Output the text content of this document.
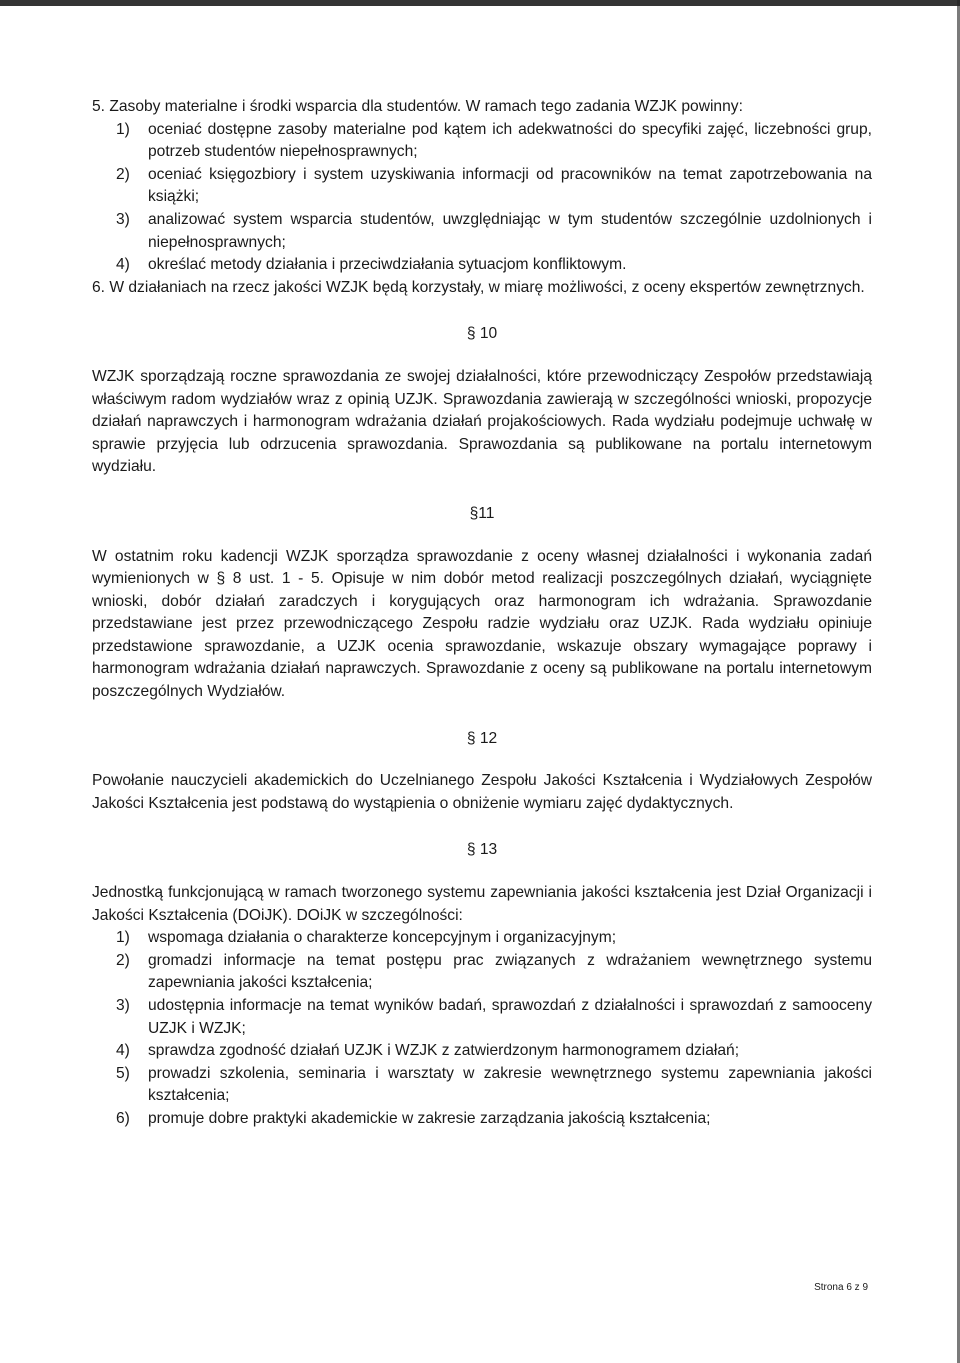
5. Zasoby materialne i środki wsparcia dla studentów. W ramach tego zadania WZJK powinny:

1) oceniać dostępne zasoby materialne pod kątem ich adekwatności do specyfiki zajęć, liczebności grup, potrzeb studentów niepełnosprawnych;
2) oceniać księgozbiory i system uzyskiwania informacji od pracowników na temat zapotrzebowania na książki;
3) analizować system wsparcia studentów, uwzględniając w tym studentów szczególnie uzdolnionych i niepełnosprawnych;
4) określać metody działania i przeciwdziałania sytuacjom konfliktowym.

6. W działaniach na rzecz jakości WZJK będą korzystały, w miarę możliwości, z oceny ekspertów zewnętrznych.

§ 10

WZJK sporządzają roczne sprawozdania ze swojej działalności, które przewodniczący Zespołów przedstawiają właściwym radom wydziałów wraz z opinią UZJK. Sprawozdania zawierają w szczególności wnioski, propozycje działań naprawczych i harmonogram wdrażania działań projakościowych. Rada wydziału podejmuje uchwałę w sprawie przyjęcia lub odrzucenia sprawozdania. Sprawozdania są publikowane na portalu internetowym wydziału.

§11

W ostatnim roku kadencji WZJK sporządza sprawozdanie z oceny własnej działalności i wykonania zadań wymienionych w § 8 ust. 1 - 5. Opisuje w nim dobór metod realizacji poszczególnych działań, wyciągnięte wnioski, dobór działań zaradczych i korygujących oraz harmonogram ich wdrażania. Sprawozdanie przedstawiane jest przez przewodniczącego Zespołu radzie wydziału oraz UZJK. Rada wydziału opiniuje przedstawione sprawozdanie, a UZJK ocenia sprawozdanie, wskazuje obszary wymagające poprawy i harmonogram wdrażania działań naprawczych. Sprawozdanie z oceny są publikowane na portalu internetowym poszczególnych Wydziałów.

§ 12

Powołanie nauczycieli akademickich do Uczelnianego Zespołu Jakości Kształcenia i Wydziałowych Zespołów Jakości Kształcenia jest podstawą do wystąpienia o obniżenie wymiaru zajęć dydaktycznych.

§ 13

Jednostką funkcjonującą w ramach tworzonego systemu zapewniania jakości kształcenia jest Dział Organizacji i Jakości Kształcenia (DOiJK). DOiJK w szczególności:

1) wspomaga działania o charakterze koncepcyjnym i organizacyjnym;
2) gromadzi informacje na temat postępu prac związanych z wdrażaniem wewnętrznego systemu zapewniania jakości kształcenia;
3) udostępnia informacje na temat wyników badań, sprawozdań z działalności i sprawozdań z samooceny UZJK i WZJK;
4) sprawdza zgodność działań UZJK i WZJK z zatwierdzonym harmonogramem działań;
5) prowadzi szkolenia, seminaria i warsztaty w zakresie wewnętrznego systemu zapewniania jakości kształcenia;
6) promuje dobre praktyki akademickie w zakresie zarządzania jakością kształcenia;
Strona 6 z 9
